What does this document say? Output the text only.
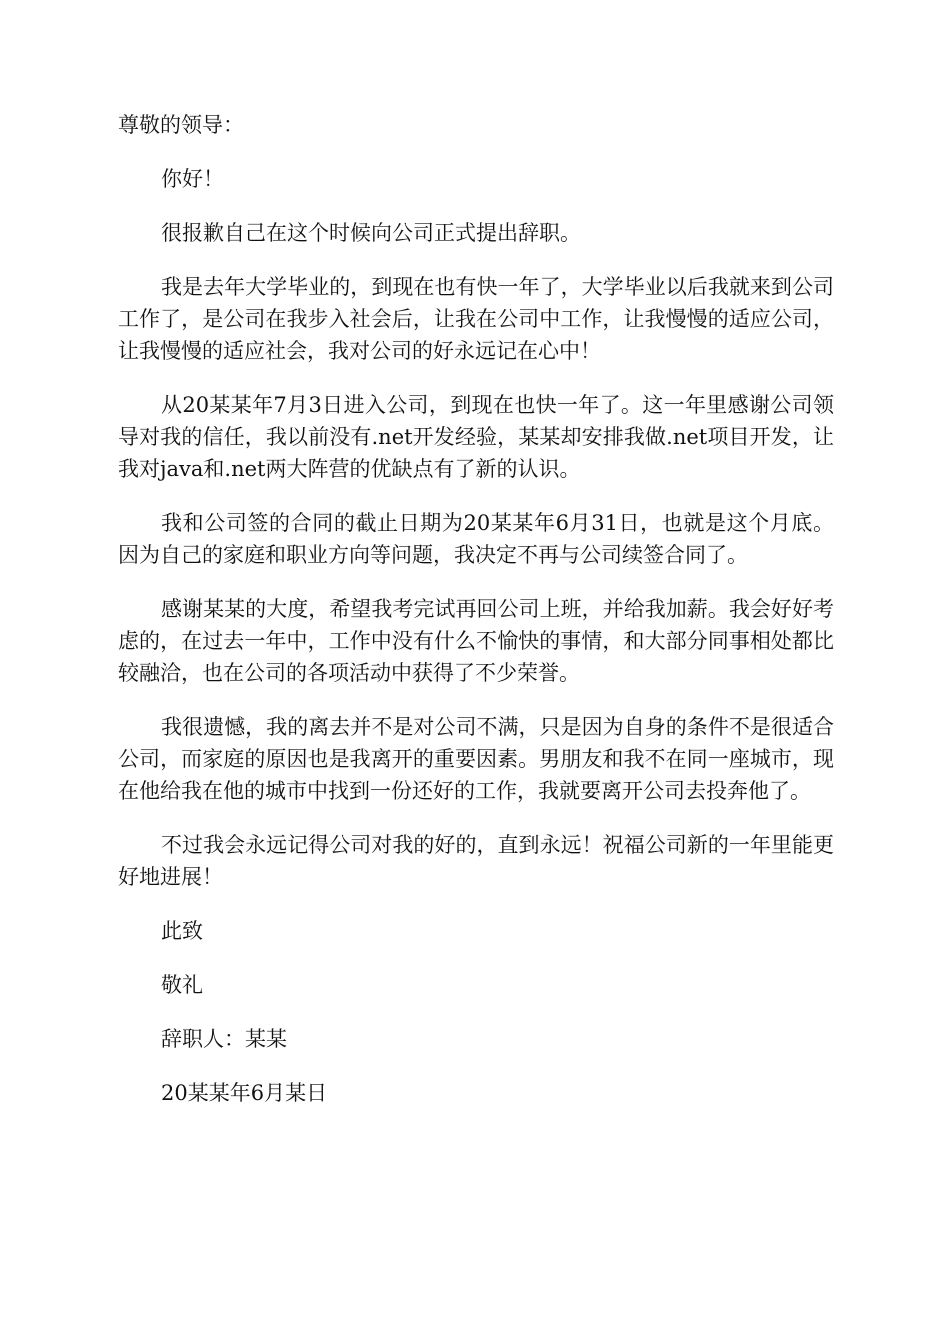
尊敬的领导：

你好！

很报歉自己在这个时候向公司正式提出辞职。

我是去年大学毕业的，到现在也有快一年了，大学毕业以后我就来到公司工作了，是公司在我步入社会后，让我在公司中工作，让我慢慢的适应公司，让我慢慢的适应社会，我对公司的好永远记在心中！

从20某某年7月3日进入公司，到现在也快一年了。这一年里感谢公司领导对我的信任，我以前没有.net开发经验，某某却安排我做.net项目开发，让我对java和.net两大阵营的优缺点有了新的认识。

我和公司签的合同的截止日期为20某某年6月31日，也就是这个月底。因为自己的家庭和职业方向等问题，我决定不再与公司续签合同了。

感谢某某的大度，希望我考完试再回公司上班，并给我加薪。我会好好考虑的，在过去一年中，工作中没有什么不愉快的事情，和大部分同事相处都比较融洽，也在公司的各项活动中获得了不少荣誉。

我很遗憾，我的离去并不是对公司不满，只是因为自身的条件不是很适合公司，而家庭的原因也是我离开的重要因素。男朋友和我不在同一座城市，现在他给我在他的城市中找到一份还好的工作，我就要离开公司去投奔他了。

不过我会永远记得公司对我的好的，直到永远！祝福公司新的一年里能更好地进展！

此致

敬礼

辞职人：某某

20某某年6月某日
